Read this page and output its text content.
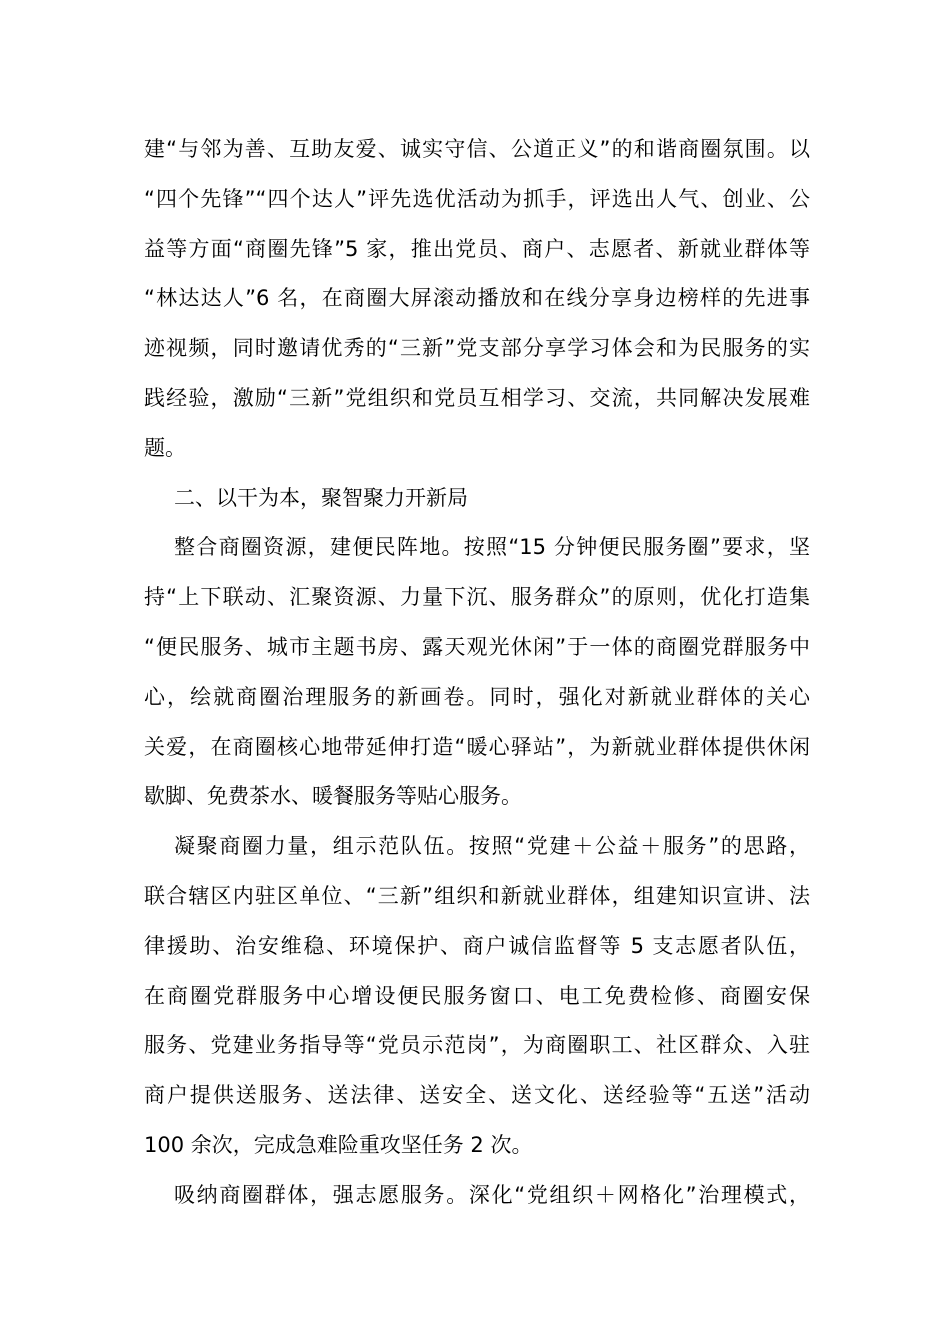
建“与邻为善、互助友爱、诚实守信、公道正义”的和谐商圈氛围。以
“四个先锋”“四个达人”评先选优活动为抓手，评选出人气、创业、公
益等方面“商圈先锋”5 家，推出党员、商户、志愿者、新就业群体等
“林达达人”6 名，在商圈大屏滚动播放和在线分享身边榜样的先进事
迹视频，同时邀请优秀的“三新”党支部分享学习体会和为民服务的实
践经验，激励“三新”党组织和党员互相学习、交流，共同解决发展难
题。
二、以干为本，聚智聚力开新局
整合商圈资源，建便民阵地。按照“15 分钟便民服务圈”要求，坚
持“上下联动、汇聚资源、力量下沉、服务群众”的原则，优化打造集
“便民服务、城市主题书房、露天观光休闲”于一体的商圈党群服务中
心，绘就商圈治理服务的新画卷。同时，强化对新就业群体的关心
关爱，在商圈核心地带延伸打造“暖心驿站”，为新就业群体提供休闲
歇脚、免费茶水、暖餐服务等贴心服务。
凝聚商圈力量，组示范队伍。按照“党建＋公益＋服务”的思路，
联合辖区内驻区单位、“三新”组织和新就业群体，组建知识宣讲、法
律援助、治安维稳、环境保护、商户诚信监督等 5 支志愿者队伍，
在商圈党群服务中心增设便民服务窗口、电工免费检修、商圈安保
服务、党建业务指导等“党员示范岗”，为商圈职工、社区群众、入驻
商户提供送服务、送法律、送安全、送文化、送经验等“五送”活动
100 余次，完成急难险重攻坚任务 2 次。
吸纳商圈群体，强志愿服务。深化“党组织＋网格化”治理模式，
